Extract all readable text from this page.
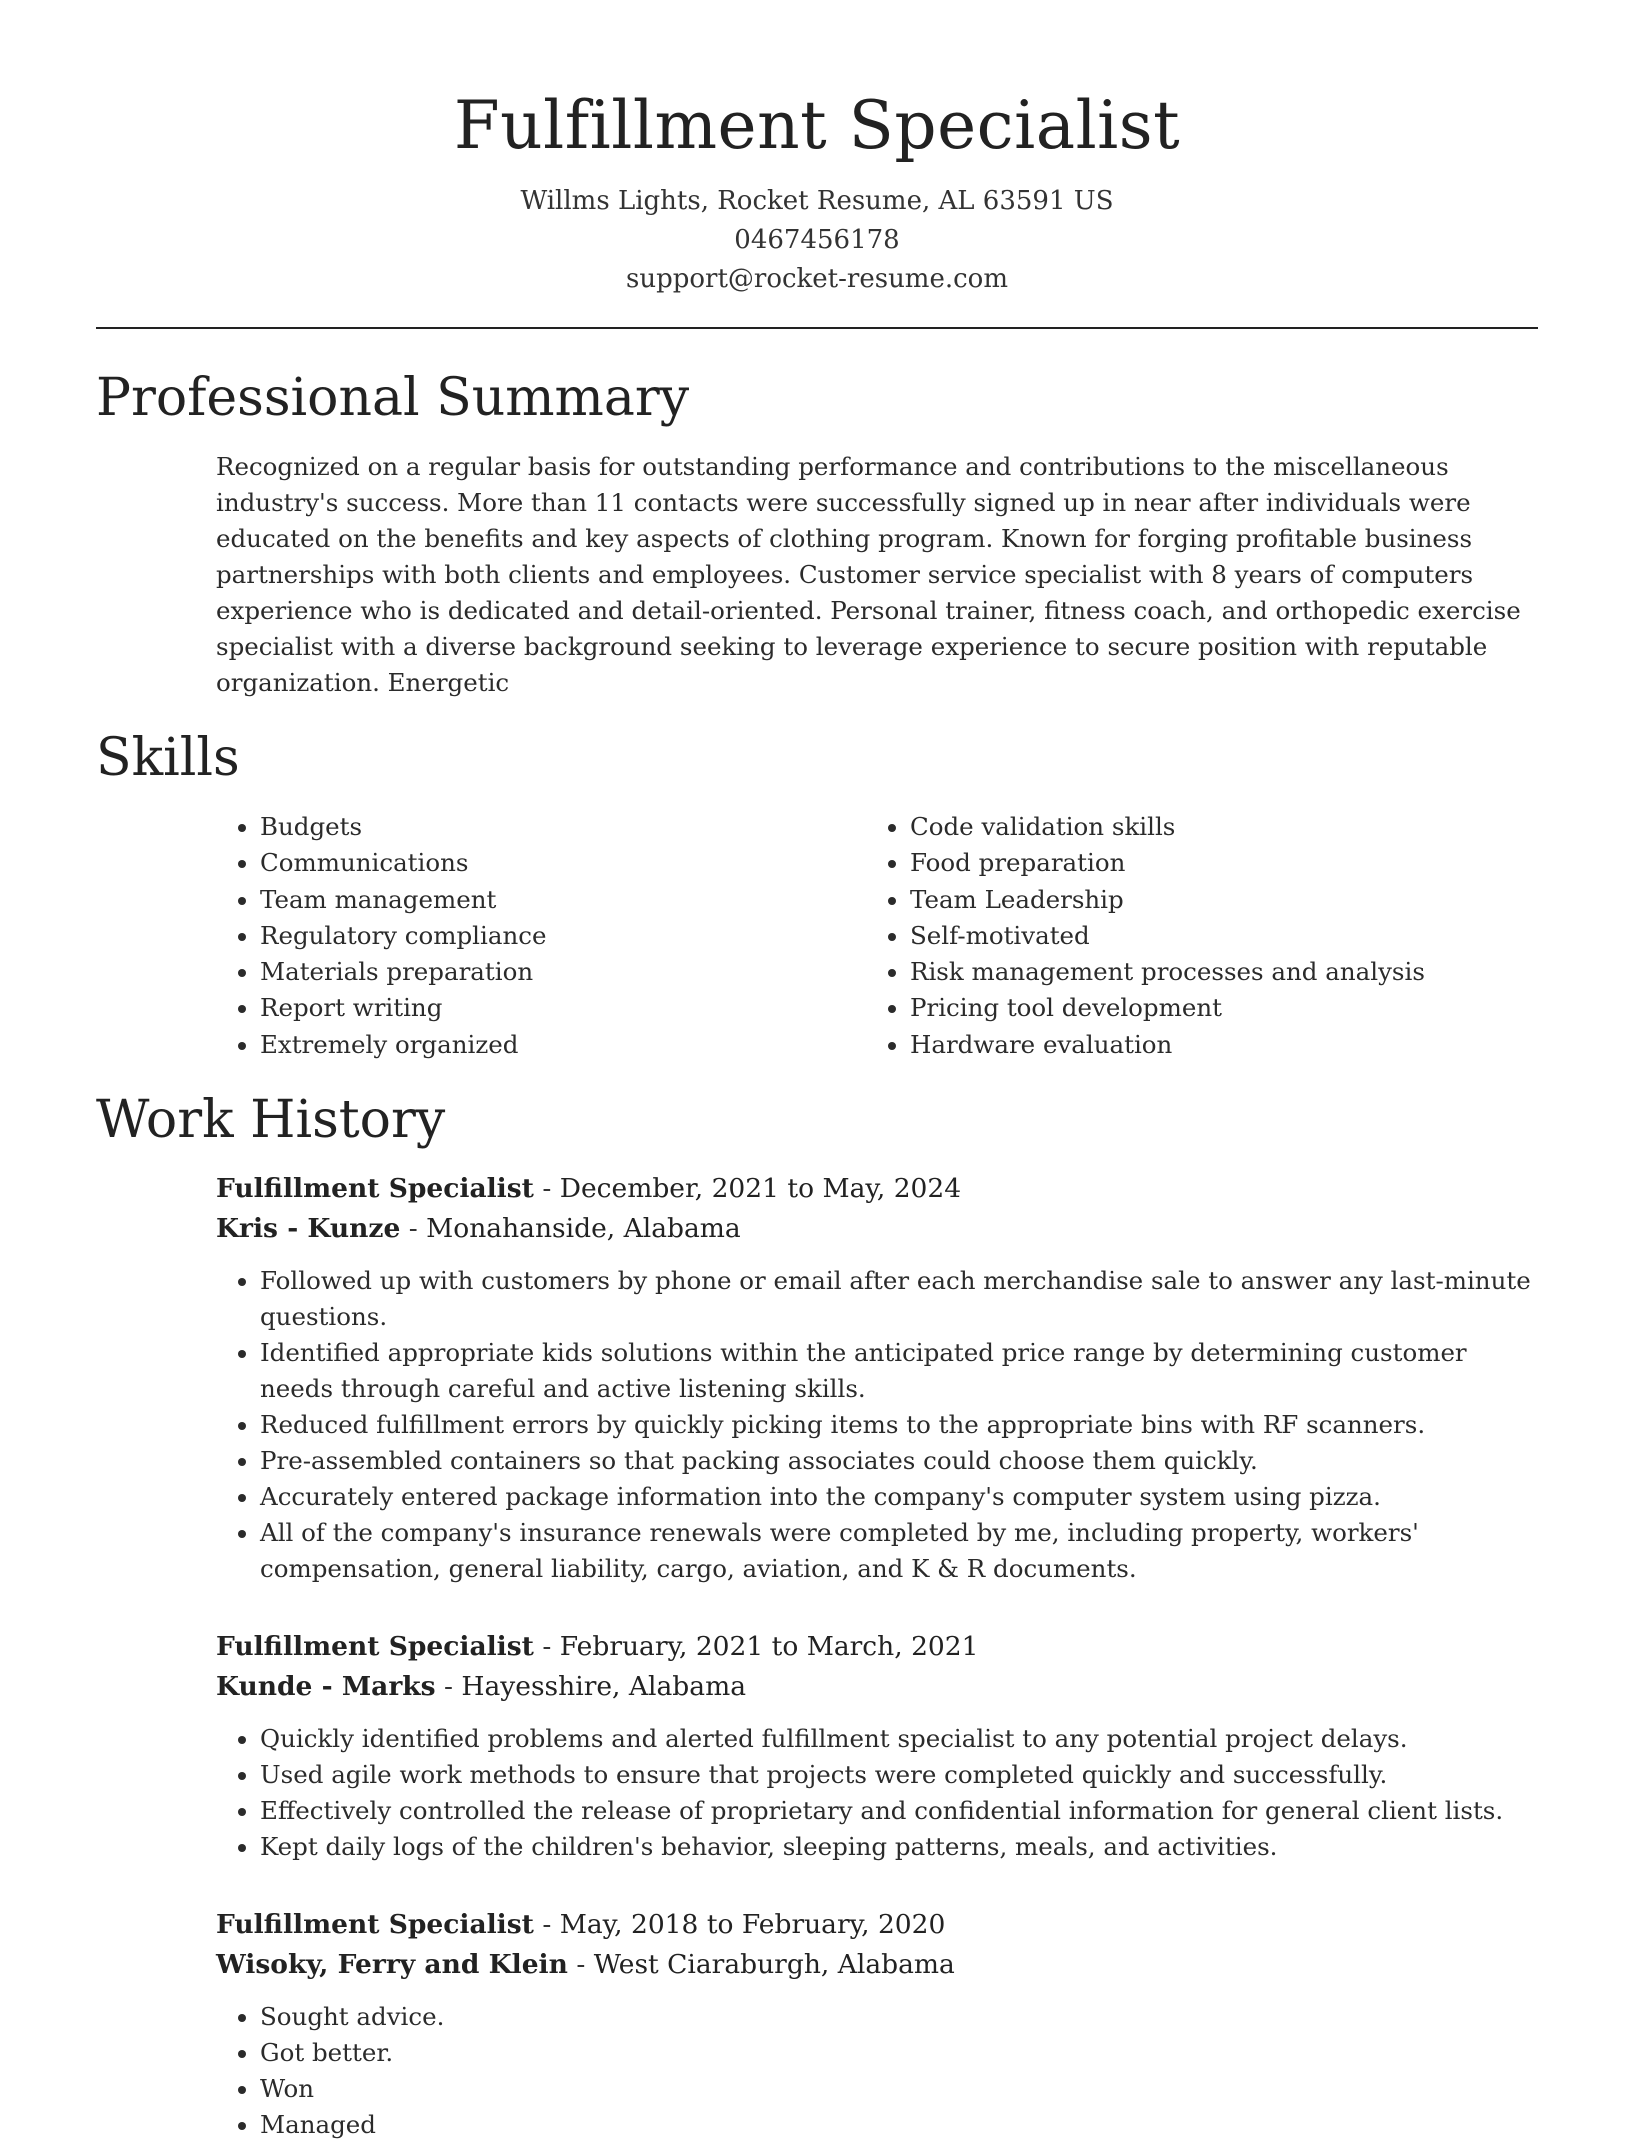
Fulfillment Specialist
Willms Lights, Rocket Resume, AL 63591 US
0467456178
support@rocket-resume.com
Professional Summary

Recognized on a regular basis for outstanding performance and contributions to the miscellaneous industry's success. More than 11 contacts were successfully signed up in near after individuals were educated on the benefits and key aspects of clothing program. Known for forging profitable business partnerships with both clients and employees. Customer service specialist with 8 years of computers experience who is dedicated and detail-oriented. Personal trainer, fitness coach, and orthopedic exercise specialist with a diverse background seeking to leverage experience to secure position with reputable organization. Energetic

Skills
• Budgets
• Communications
• Team management
• Regulatory compliance
• Materials preparation
• Report writing
• Extremely organized
• Code validation skills
• Food preparation
• Team Leadership
• Self-motivated
• Risk management processes and analysis
• Pricing tool development
• Hardware evaluation
Work History
Fulfillment Specialist - December, 2021 to May, 2024
Kris - Kunze - Monahanside, Alabama
• Followed up with customers by phone or email after each merchandise sale to answer any last-minute questions.
• Identified appropriate kids solutions within the anticipated price range by determining customer needs through careful and active listening skills.
• Reduced fulfillment errors by quickly picking items to the appropriate bins with RF scanners.
• Pre-assembled containers so that packing associates could choose them quickly.
• Accurately entered package information into the company's computer system using pizza.
• All of the company's insurance renewals were completed by me, including property, workers' compensation, general liability, cargo, aviation, and K & R documents.
Fulfillment Specialist - February, 2021 to March, 2021
Kunde - Marks - Hayesshire, Alabama
• Quickly identified problems and alerted fulfillment specialist to any potential project delays.
• Used agile work methods to ensure that projects were completed quickly and successfully.
• Effectively controlled the release of proprietary and confidential information for general client lists.
• Kept daily logs of the children's behavior, sleeping patterns, meals, and activities.
Fulfillment Specialist - May, 2018 to February, 2020
Wisoky, Ferry and Klein - West Ciaraburgh, Alabama
• Sought advice.
• Got better.
• Won
• Managed
